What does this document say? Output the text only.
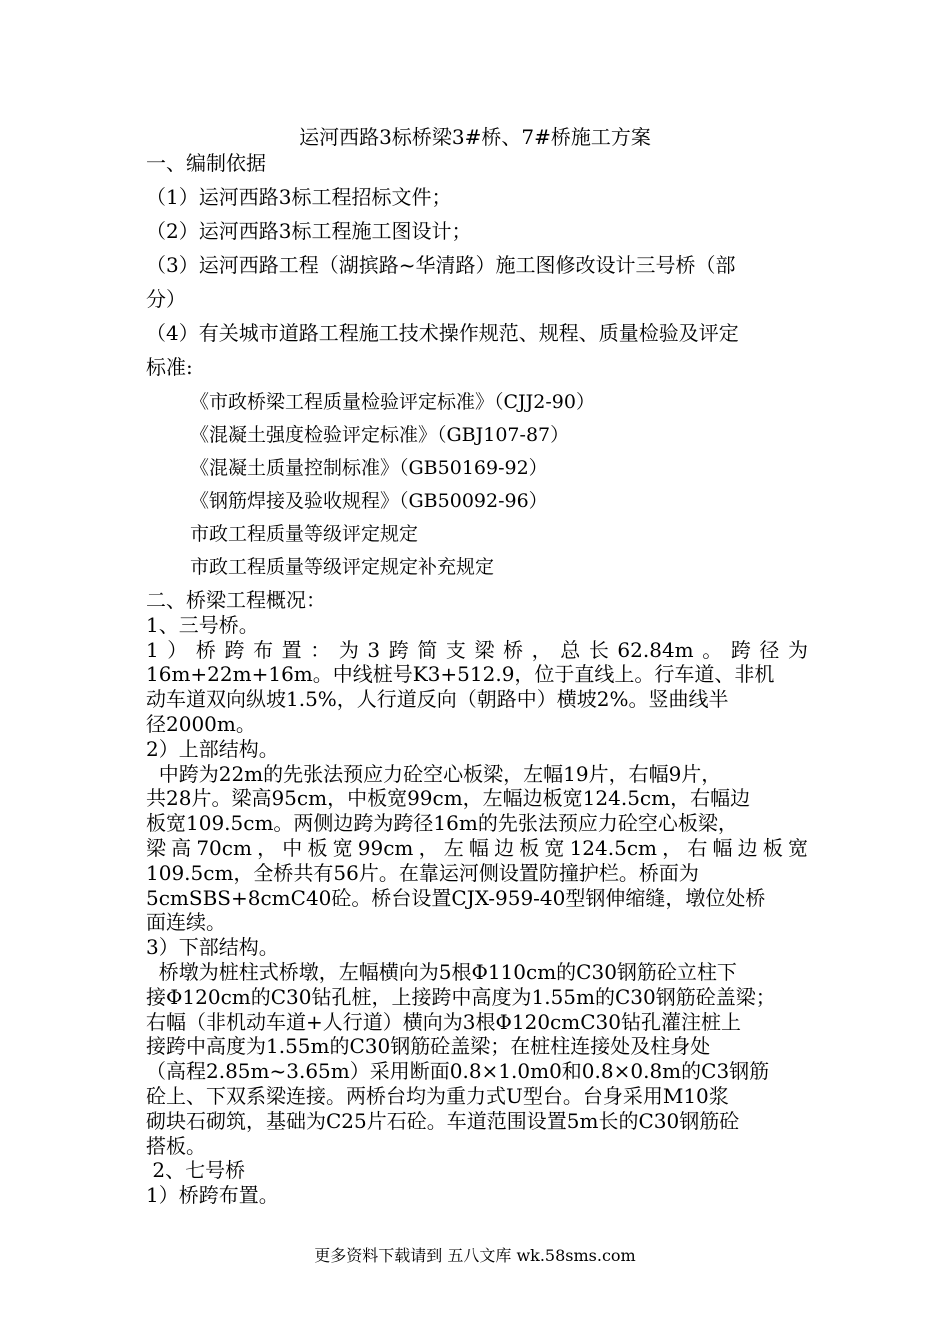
运河西路3标桥梁3#桥、7#桥施工方案

一、编制依据

（1）运河西路3标工程招标文件；

（2）运河西路3标工程施工图设计；

（3）运河西路工程（湖摈路~华清路）施工图修改设计三号桥（部

分）

（4）有关城市道路工程施工技术操作规范、规程、质量检验及评定

标准:

《市政桥梁工程质量检验评定标准》（CJJ2-90）

《混凝土强度检验评定标准》（GBJ107-87）

《混凝土质量控制标准》（GB50169-92）

《钢筋焊接及验收规程》（GB50092-96）

市政工程质量等级评定规定

市政工程质量等级评定规定补充规定

二、桥梁工程概况：

1、三号桥。

1）桥跨布置：为3跨简支梁桥，总长62.84m。跨径为

16m+22m+16m。中线桩号K3+512.9，位于直线上。行车道、非机

动车道双向纵坡1.5%，人行道反向（朝路中）横坡2%。竖曲线半

径2000m。

2）上部结构。

中跨为22m的先张法预应力砼空心板梁，左幅19片，右幅9片，

共28片。梁高95cm，中板宽99cm，左幅边板宽124.5cm，右幅边

板宽109.5cm。两侧边跨为跨径16m的先张法预应力砼空心板梁，

梁高70cm，中板宽99cm，左幅边板宽124.5cm，右幅边板宽

109.5cm，全桥共有56片。在靠运河侧设置防撞护栏。桥面为

5cmSBS+8cmC40砼。桥台设置CJX-959-40型钢伸缩缝，墩位处桥

面连续。

3）下部结构。

桥墩为桩柱式桥墩，左幅横向为5根Φ110cm的C30钢筋砼立柱下

接Φ120cm的C30钻孔桩，上接跨中高度为1.55m的C30钢筋砼盖梁；

右幅（非机动车道+人行道）横向为3根Φ120cmC30钻孔灌注桩上

接跨中高度为1.55m的C30钢筋砼盖梁；在桩柱连接处及柱身处

（高程2.85m~3.65m）采用断面0.8×1.0m0和0.8×0.8m的C3钢筋

砼上、下双系梁连接。两桥台均为重力式U型台。台身采用M10浆

砌块石砌筑，基础为C25片石砼。车道范围设置5m长的C30钢筋砼

搭板。

2、七号桥

1）桥跨布置。

更多资料下载请到 五八文库 wk.58sms.com
